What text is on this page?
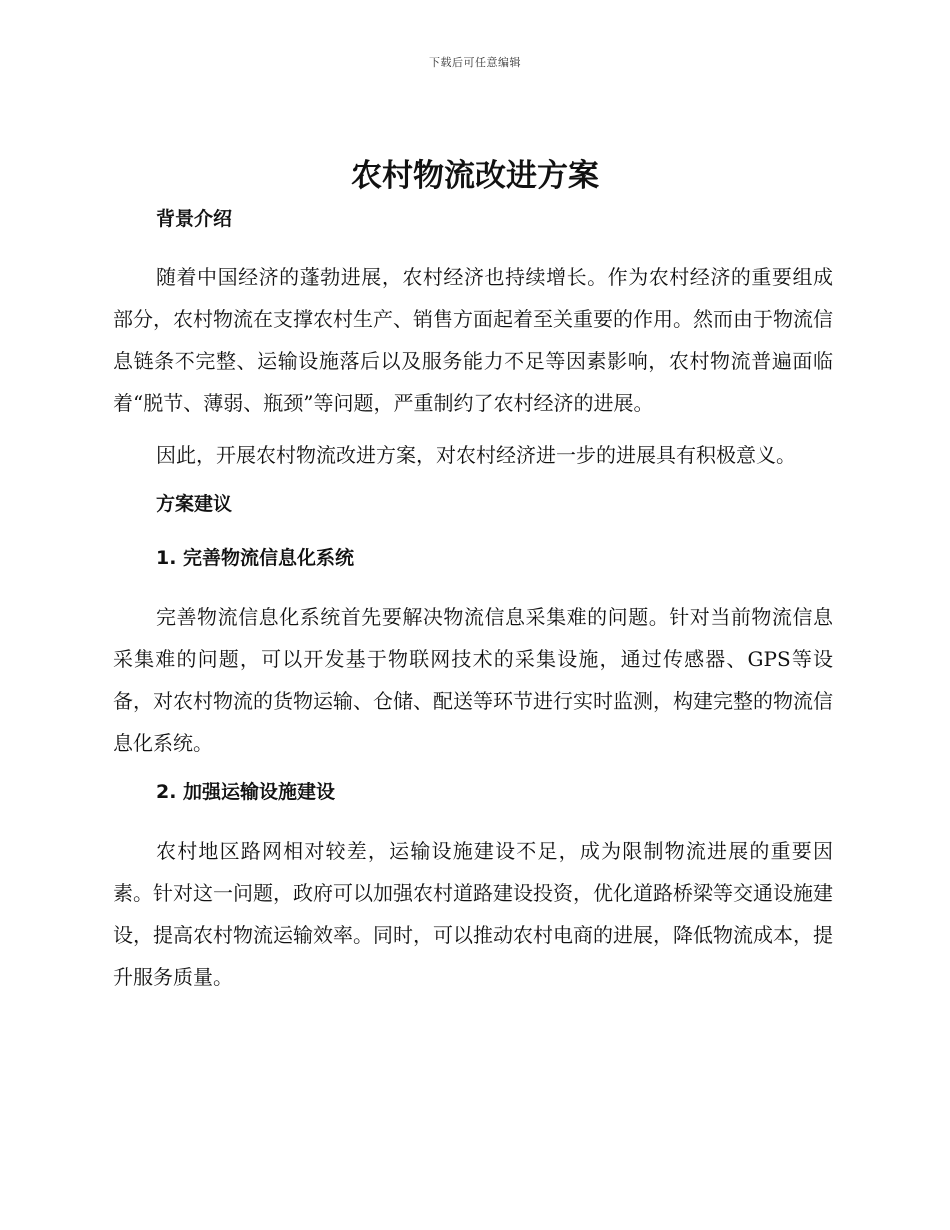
下载后可任意编辑
农村物流改进方案
背景介绍

随着中国经济的蓬勃进展，农村经济也持续增长。作为农村经济的重要组成部分，农村物流在支撑农村生产、销售方面起着至关重要的作用。然而由于物流信息链条不完整、运输设施落后以及服务能力不足等因素影响，农村物流普遍面临着“脱节、薄弱、瓶颈”等问题，严重制约了农村经济的进展。

因此，开展农村物流改进方案，对农村经济进一步的进展具有积极意义。

方案建议
1. 完善物流信息化系统

完善物流信息化系统首先要解决物流信息采集难的问题。针对当前物流信息采集难的问题，可以开发基于物联网技术的采集设施，通过传感器、GPS等设备，对农村物流的货物运输、仓储、配送等环节进行实时监测，构建完整的物流信息化系统。

2. 加强运输设施建设

农村地区路网相对较差，运输设施建设不足，成为限制物流进展的重要因素。针对这一问题，政府可以加强农村道路建设投资，优化道路桥梁等交通设施建设，提高农村物流运输效率。同时，可以推动农村电商的进展，降低物流成本，提升服务质量。
